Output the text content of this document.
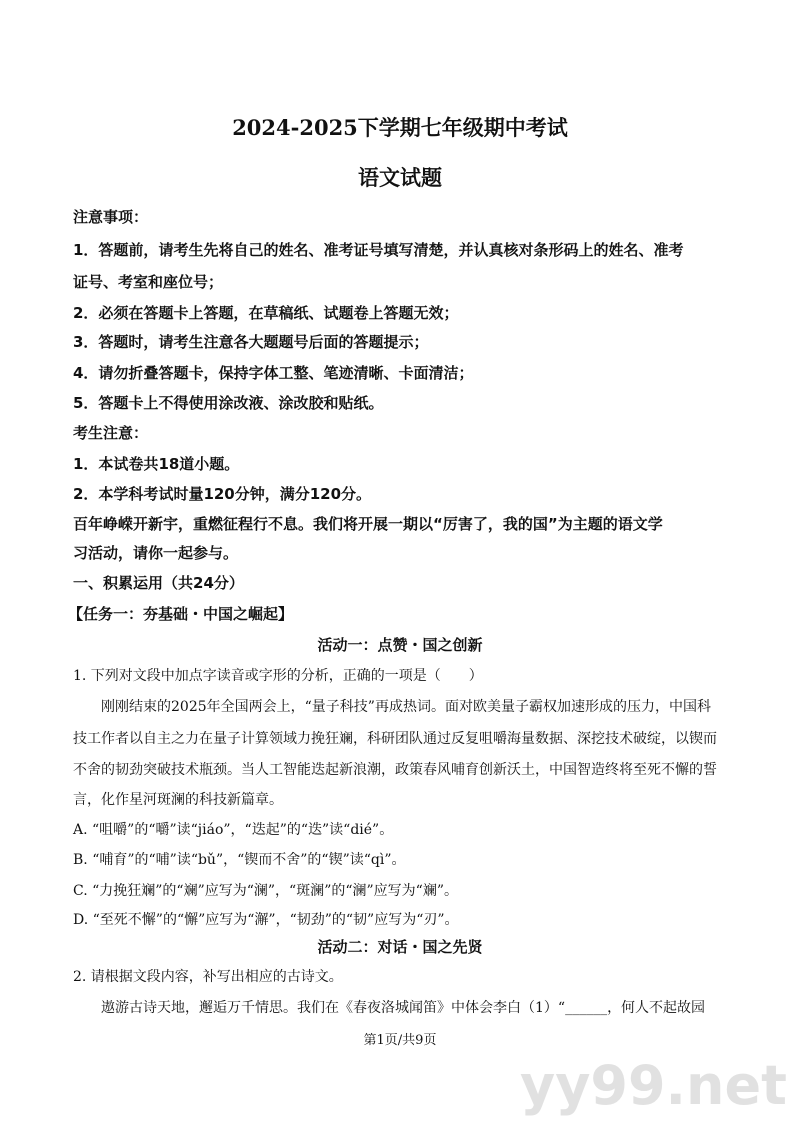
2024-2025下学期七年级期中考试
语文试题
注意事项：
1．答题前，请考生先将自己的姓名、准考证号填写清楚，并认真核对条形码上的姓名、准考
证号、考室和座位号；
2．必须在答题卡上答题，在草稿纸、试题卷上答题无效；
3．答题时，请考生注意各大题题号后面的答题提示；
4．请勿折叠答题卡，保持字体工整、笔迹清晰、卡面清洁；
5．答题卡上不得使用涂改液、涂改胶和贴纸。
考生注意：
1．本试卷共18道小题。
2．本学科考试时量120分钟，满分120分。
百年峥嵘开新宇，重燃征程行不息。我们将开展一期以“厉害了，我的国”为主题的语文学
习活动，请你一起参与。
一、积累运用（共24分）
【任务一：夯基础・中国之崛起】
活动一：点赞・国之创新
1. 下列对文段中加点字读音或字形的分析，正确的一项是（　　）
刚刚结束的2025年全国两会上，“量子科技”再成热词。面对欧美量子霸权加速形成的压力，中国科
技工作者以自主之力在量子计算领域力挽狂斓，科研团队通过反复咀嚼海量数据、深挖技术破绽，以锲而
不舍的韧劲突破技术瓶颈。当人工智能迭起新浪潮，政策春风哺育创新沃土，中国智造终将至死不懈的誓
言，化作星河斑澜的科技新篇章。
A. “咀嚼”的“嚼”读“jiáo”，“迭起”的“迭”读“dié”。
B. “哺育”的“哺”读“bǔ”，“锲而不舍”的“锲”读“qì”。
C. “力挽狂斓”的“斓”应写为“澜”，“斑澜”的“澜”应写为“斓”。
D. “至死不懈”的“懈”应写为“澥”，“韧劲”的“韧”应写为“刃”。
活动二：对话・国之先贤
2. 请根据文段内容，补写出相应的古诗文。
遨游古诗天地，邂逅万千情思。我们在《春夜洛城闻笛》中体会李白（1）“______，何人不起故园
第1页/共9页
yy99.net
